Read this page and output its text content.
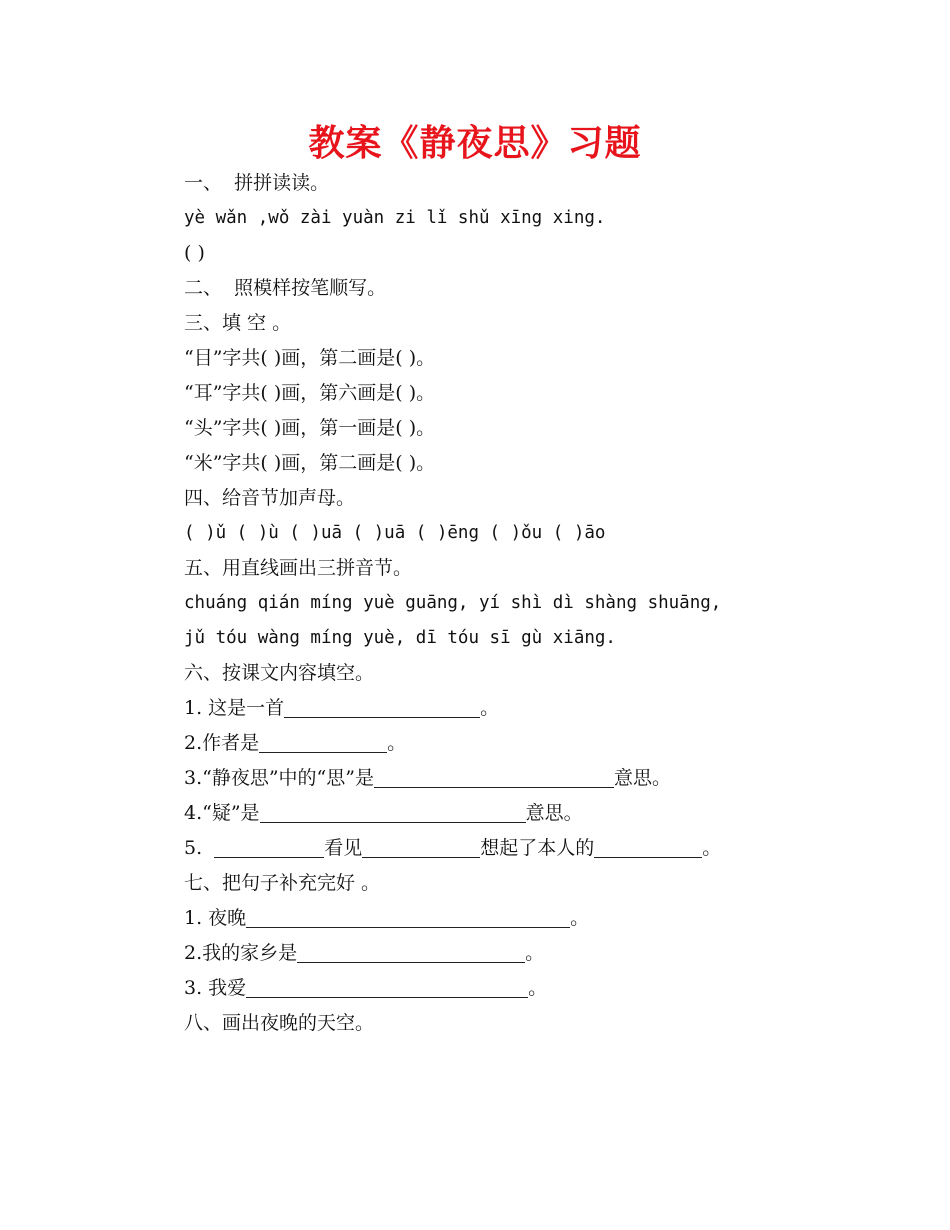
教案《静夜思》习题
一、  拼拼读读。
yè wǎn ,wǒ zài yuàn zi lǐ shǔ xīng xing.
( )
二、  照模样按笔顺写。
三、填 空 。
“目”字共( )画，第二画是( )。
“耳”字共( )画，第六画是( )。
“头”字共( )画，第一画是( )。
“米”字共( )画，第二画是( )。
四、给音节加声母。
( )ǔ ( )ù ( )uā ( )uā ( )ēng ( )ǒu ( )āo
五、用直线画出三拼音节。
chuáng qián míng yuè guāng, yí shì dì shàng shuāng,
jǔ tóu wàng míng yuè, dī tóu sī gù xiāng.
六、按课文内容填空。
1. 这是一首	。
2.作者是	。
3.“静夜思”中的“思”是	意思。
4.“疑”是	意思。
5.	看见	想起了本人的	。
七、把句子补充完好 。
1. 夜晚	。
2.我的家乡是	。
3. 我爱	。
八、画出夜晚的天空。
